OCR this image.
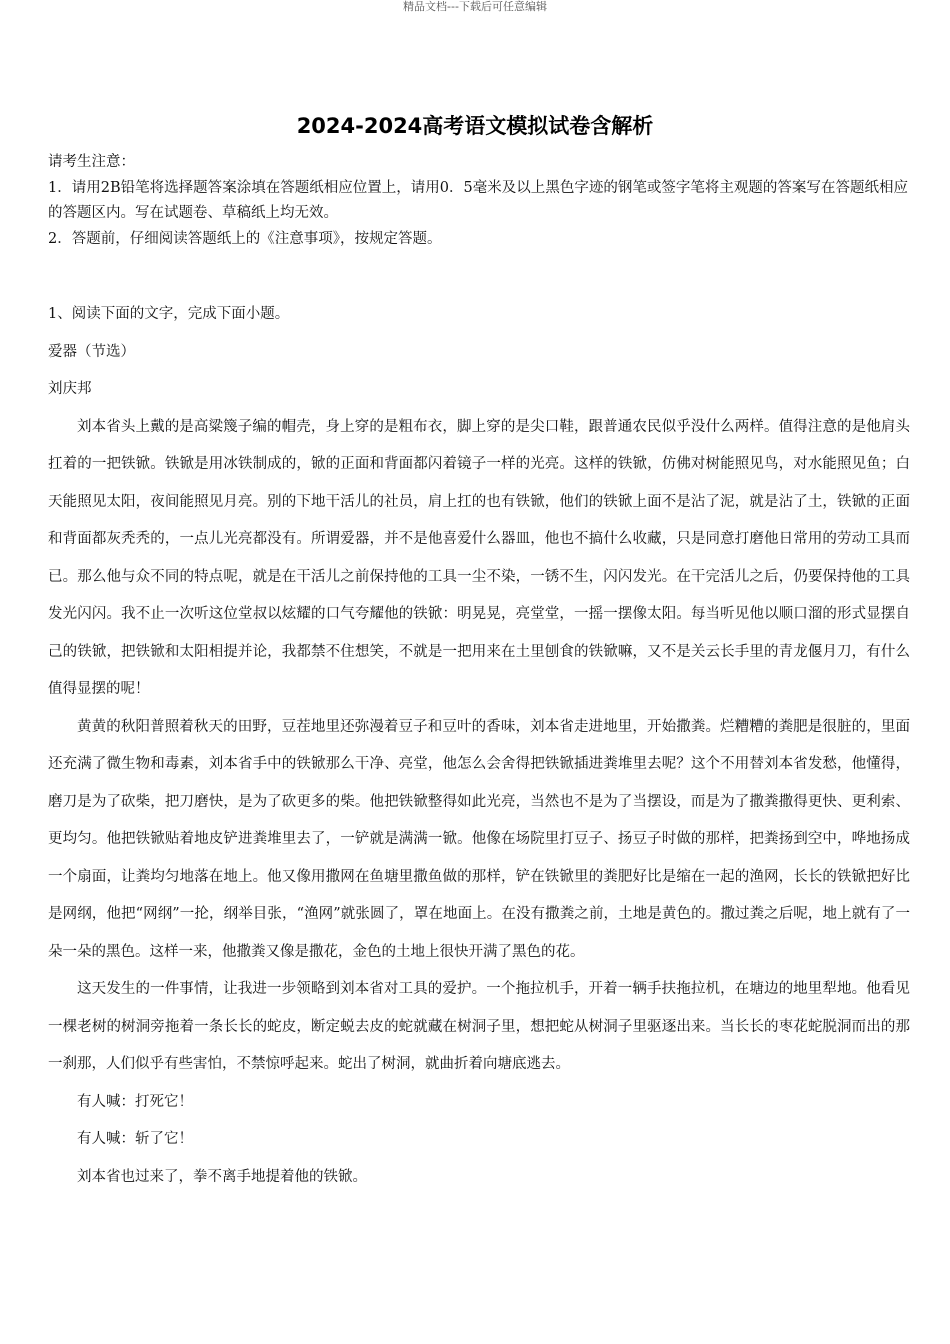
精品文档---下载后可任意编辑
2024-2024高考语文模拟试卷含解析

请考生注意：

1．请用2B铅笔将选择题答案涂填在答题纸相应位置上，请用0．5毫米及以上黑色字迹的钢笔或签字笔将主观题的答案写在答题纸相应的答题区内。写在试题卷、草稿纸上均无效。

2．答题前，仔细阅读答题纸上的《注意事项》，按规定答题。

1、阅读下面的文字，完成下面小题。

爱器（节选）

刘庆邦

刘本省头上戴的是高粱篾子编的帽壳，身上穿的是粗布衣，脚上穿的是尖口鞋，跟普通农民似乎没什么两样。值得注意的是他肩头扛着的一把铁锨。铁锨是用冰铁制成的，锨的正面和背面都闪着镜子一样的光亮。这样的铁锨，仿佛对树能照见鸟，对水能照见鱼；白天能照见太阳，夜间能照见月亮。别的下地干活儿的社员，肩上扛的也有铁锨，他们的铁锨上面不是沾了泥，就是沾了土，铁锨的正面和背面都灰秃秃的，一点儿光亮都没有。所谓爱器，并不是他喜爱什么器皿，他也不搞什么收藏，只是同意打磨他日常用的劳动工具而已。那么他与众不同的特点呢，就是在干活儿之前保持他的工具一尘不染，一锈不生，闪闪发光。在干完活儿之后，仍要保持他的工具发光闪闪。我不止一次听这位堂叔以炫耀的口气夸耀他的铁锨：明晃晃，亮堂堂，一摇一摆像太阳。每当听见他以顺口溜的形式显摆自己的铁锨，把铁锨和太阳相提并论，我都禁不住想笑，不就是一把用来在土里刨食的铁锨嘛，又不是关云长手里的青龙偃月刀，有什么值得显摆的呢！

黄黄的秋阳普照着秋天的田野，豆茬地里还弥漫着豆子和豆叶的香味，刘本省走进地里，开始撒粪。烂糟糟的粪肥是很脏的，里面还充满了微生物和毒素，刘本省手中的铁锨那么干净、亮堂，他怎么会舍得把铁锨插进粪堆里去呢？这个不用替刘本省发愁，他懂得，磨刀是为了砍柴，把刀磨快，是为了砍更多的柴。他把铁锨整得如此光亮，当然也不是为了当摆设，而是为了撒粪撒得更快、更利索、更均匀。他把铁锨贴着地皮铲进粪堆里去了，一铲就是满满一锨。他像在场院里打豆子、扬豆子时做的那样，把粪扬到空中，哗地扬成一个扇面，让粪均匀地落在地上。他又像用撒网在鱼塘里撒鱼做的那样，铲在铁锨里的粪肥好比是缩在一起的渔网，长长的铁锨把好比是网纲，他把“网纲”一抡，纲举目张，“渔网”就张圆了，罩在地面上。在没有撒粪之前，土地是黄色的。撒过粪之后呢，地上就有了一朵一朵的黑色。这样一来，他撒粪又像是撒花，金色的土地上很快开满了黑色的花。

这天发生的一件事情，让我进一步领略到刘本省对工具的爱护。一个拖拉机手，开着一辆手扶拖拉机，在塘边的地里犁地。他看见一棵老树的树洞旁拖着一条长长的蛇皮，断定蜕去皮的蛇就藏在树洞子里，想把蛇从树洞子里驱逐出来。当长长的枣花蛇脱洞而出的那一刹那，人们似乎有些害怕，不禁惊呼起来。蛇出了树洞，就曲折着向塘底逃去。

有人喊：打死它！

有人喊：斩了它！

刘本省也过来了，拳不离手地提着他的铁锨。
